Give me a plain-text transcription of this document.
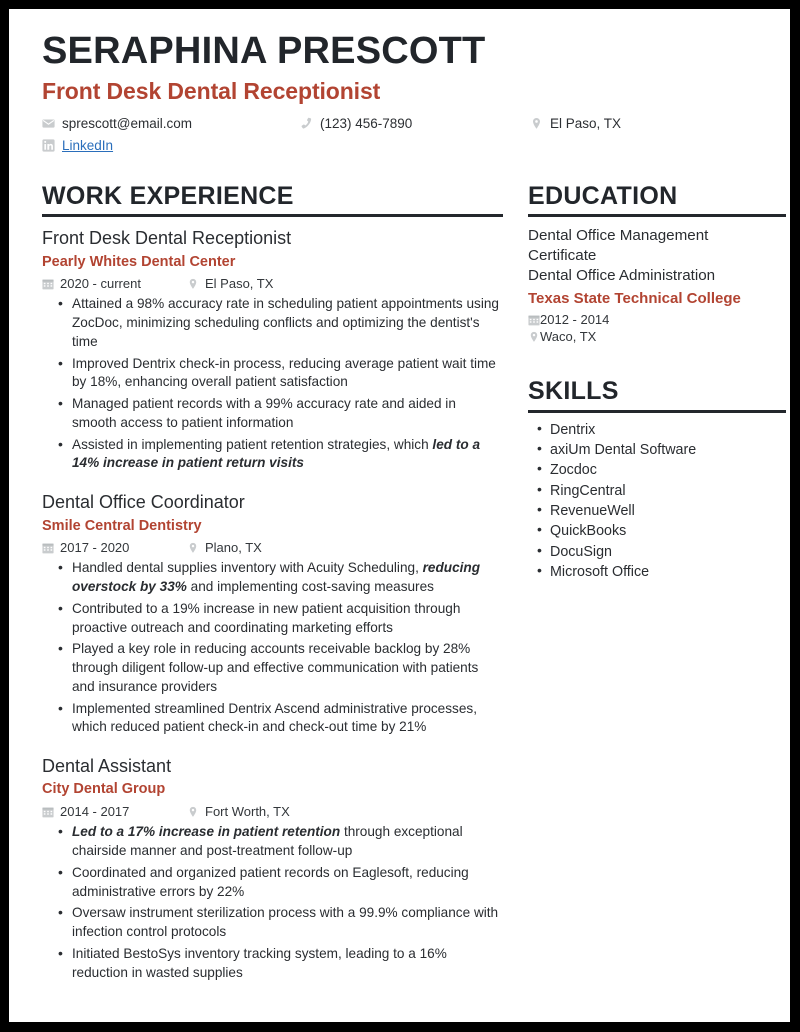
SERAPHINA PRESCOTT
Front Desk Dental Receptionist
sprescott@email.com	(123) 456-7890	El Paso, TX
LinkedIn
WORK EXPERIENCE
Front Desk Dental Receptionist
Pearly Whites Dental Center
2020 - current	El Paso, TX
• Attained a 98% accuracy rate in scheduling patient appointments using ZocDoc, minimizing scheduling conflicts and optimizing the dentist's time
• Improved Dentrix check-in process, reducing average patient wait time by 18%, enhancing overall patient satisfaction
• Managed patient records with a 99% accuracy rate and aided in smooth access to patient information
• Assisted in implementing patient retention strategies, which led to a 14% increase in patient return visits
Dental Office Coordinator
Smile Central Dentistry
2017 - 2020	Plano, TX
• Handled dental supplies inventory with Acuity Scheduling, reducing overstock by 33% and implementing cost-saving measures
• Contributed to a 19% increase in new patient acquisition through proactive outreach and coordinating marketing efforts
• Played a key role in reducing accounts receivable backlog by 28% through diligent follow-up and effective communication with patients and insurance providers
• Implemented streamlined Dentrix Ascend administrative processes, which reduced patient check-in and check-out time by 21%
Dental Assistant
City Dental Group
2014 - 2017	Fort Worth, TX
• Led to a 17% increase in patient retention through exceptional chairside manner and post-treatment follow-up
• Coordinated and organized patient records on Eaglesoft, reducing administrative errors by 22%
• Oversaw instrument sterilization process with a 99.9% compliance with infection control protocols
• Initiated BestoSys inventory tracking system, leading to a 16% reduction in wasted supplies
EDUCATION
Dental Office Management
Certificate
Dental Office Administration
Texas State Technical College
2012 - 2014
Waco, TX
SKILLS
• Dentrix
• axiUm Dental Software
• Zocdoc
• RingCentral
• RevenueWell
• QuickBooks
• DocuSign
• Microsoft Office
